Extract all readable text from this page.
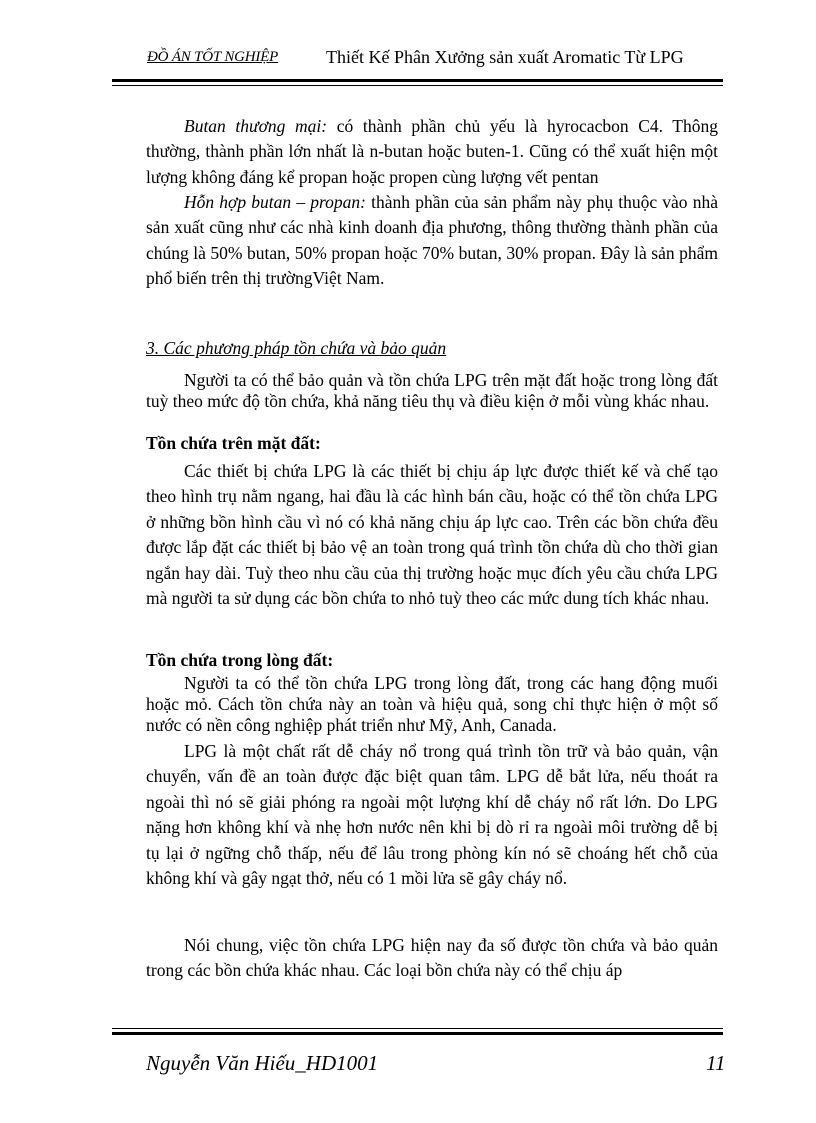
ĐỒ ÁN TỐT NGHIỆP	Thiết Kế Phân Xưởng sản xuất Aromatic Từ LPG

Butan thương mại: có thành phần chủ yếu là hyrocacbon C4. Thông thường, thành phần lớn nhất là n-butan hoặc buten-1. Cũng có thể xuất hiện một lượng không đáng kể propan hoặc propen cùng lượng vết pentan

Hỗn hợp butan – propan: thành phần của sản phẩm này phụ thuộc vào nhà sản xuất cũng như các nhà kinh doanh địa phương, thông thường thành phần của chúng là 50% butan, 50% propan hoặc 70% butan, 30% propan. Đây là sản phẩm phổ biến trên thị trườngViệt Nam.

3. Các phương pháp tồn chứa và bảo quản

Người ta có thể bảo quản và tồn chứa LPG trên mặt đất hoặc trong lòng đất tuỳ theo mức độ tồn chứa, khả năng tiêu thụ và điều kiện ở mỗi vùng khác nhau.

Tồn chứa trên mặt đất:

Các thiết bị chứa LPG là các thiết bị chịu áp lực được thiết kế và chế tạo theo hình trụ nằm ngang, hai đầu là các hình bán cầu, hoặc có thể tồn chứa LPG ở những bồn hình cầu vì nó có khả năng chịu áp lực cao. Trên các bồn chứa đều được lắp đặt các thiết bị bảo vệ an toàn trong quá trình tồn chứa dù cho thời gian ngắn hay dài. Tuỳ theo nhu cầu của thị trường hoặc mục đích yêu cầu chứa LPG mà người ta sử dụng các bồn chứa to nhỏ tuỳ theo các mức dung tích khác nhau.

Tồn chứa trong lòng đất:

Người ta có thể tồn chứa LPG trong lòng đất, trong các hang động muối hoặc mỏ. Cách tồn chứa này an toàn và hiệu quả, song chỉ thực hiện ở một số nước có nền công nghiệp phát triển như Mỹ, Anh, Canada.

LPG là một chất rất dễ cháy nổ trong quá trình tồn trữ và bảo quản, vận chuyển, vấn đề an toàn được đặc biệt quan tâm. LPG dễ bắt lửa, nếu thoát ra ngoài thì nó sẽ giải phóng ra ngoài một lượng khí dễ cháy nổ rất lớn. Do LPG nặng hơn không khí và nhẹ hơn nước nên khi bị dò rỉ ra ngoài môi trường dễ bị tụ lại ở ngững chỗ thấp, nếu để lâu trong phòng kín nó sẽ choáng hết chỗ của không khí và gây ngạt thở, nếu có 1 mồi lửa sẽ gây cháy nổ.

Nói chung, việc tồn chứa LPG hiện nay đa số được tồn chứa và bảo quản trong các bồn chứa khác nhau. Các loại bồn chứa này có thể chịu áp

Nguyễn Văn Hiếu_HD1001	11
